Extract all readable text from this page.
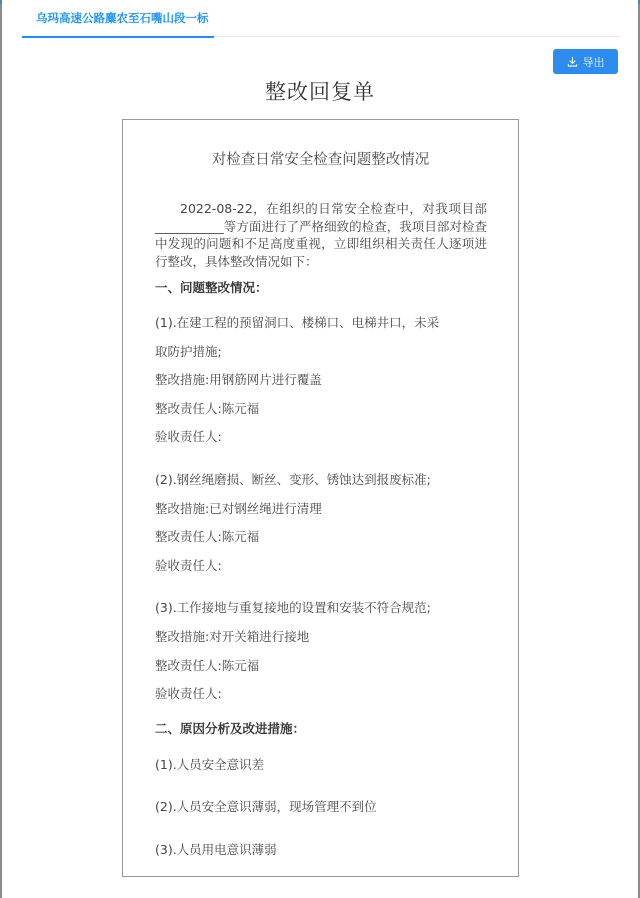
乌玛高速公路麋农至石嘴山段一标
导出
整改回复单
对检查日常安全检查问题整改情况
2022-08-22，在组织的日常安全检查中，对我项目部___________等方面进行了严格细致的检查，我项目部对检查中发现的问题和不足高度重视，立即组织相关责任人逐项进行整改，具体整改情况如下：
一、问题整改情况：
(1).在建工程的预留洞口、楼梯口、电梯井口，未采
取防护措施;
整改措施:用钢筋网片进行覆盖
整改责任人:陈元福
验收责任人:
(2).钢丝绳磨损、断丝、变形、锈蚀达到报废标准;
整改措施:已对钢丝绳进行清理
整改责任人:陈元福
验收责任人:
(3).工作接地与重复接地的设置和安装不符合规范;
整改措施:对开关箱进行接地
整改责任人:陈元福
验收责任人:
二、原因分析及改进措施：
(1).人员安全意识差
(2).人员安全意识薄弱，现场管理不到位
(3).人员用电意识薄弱
